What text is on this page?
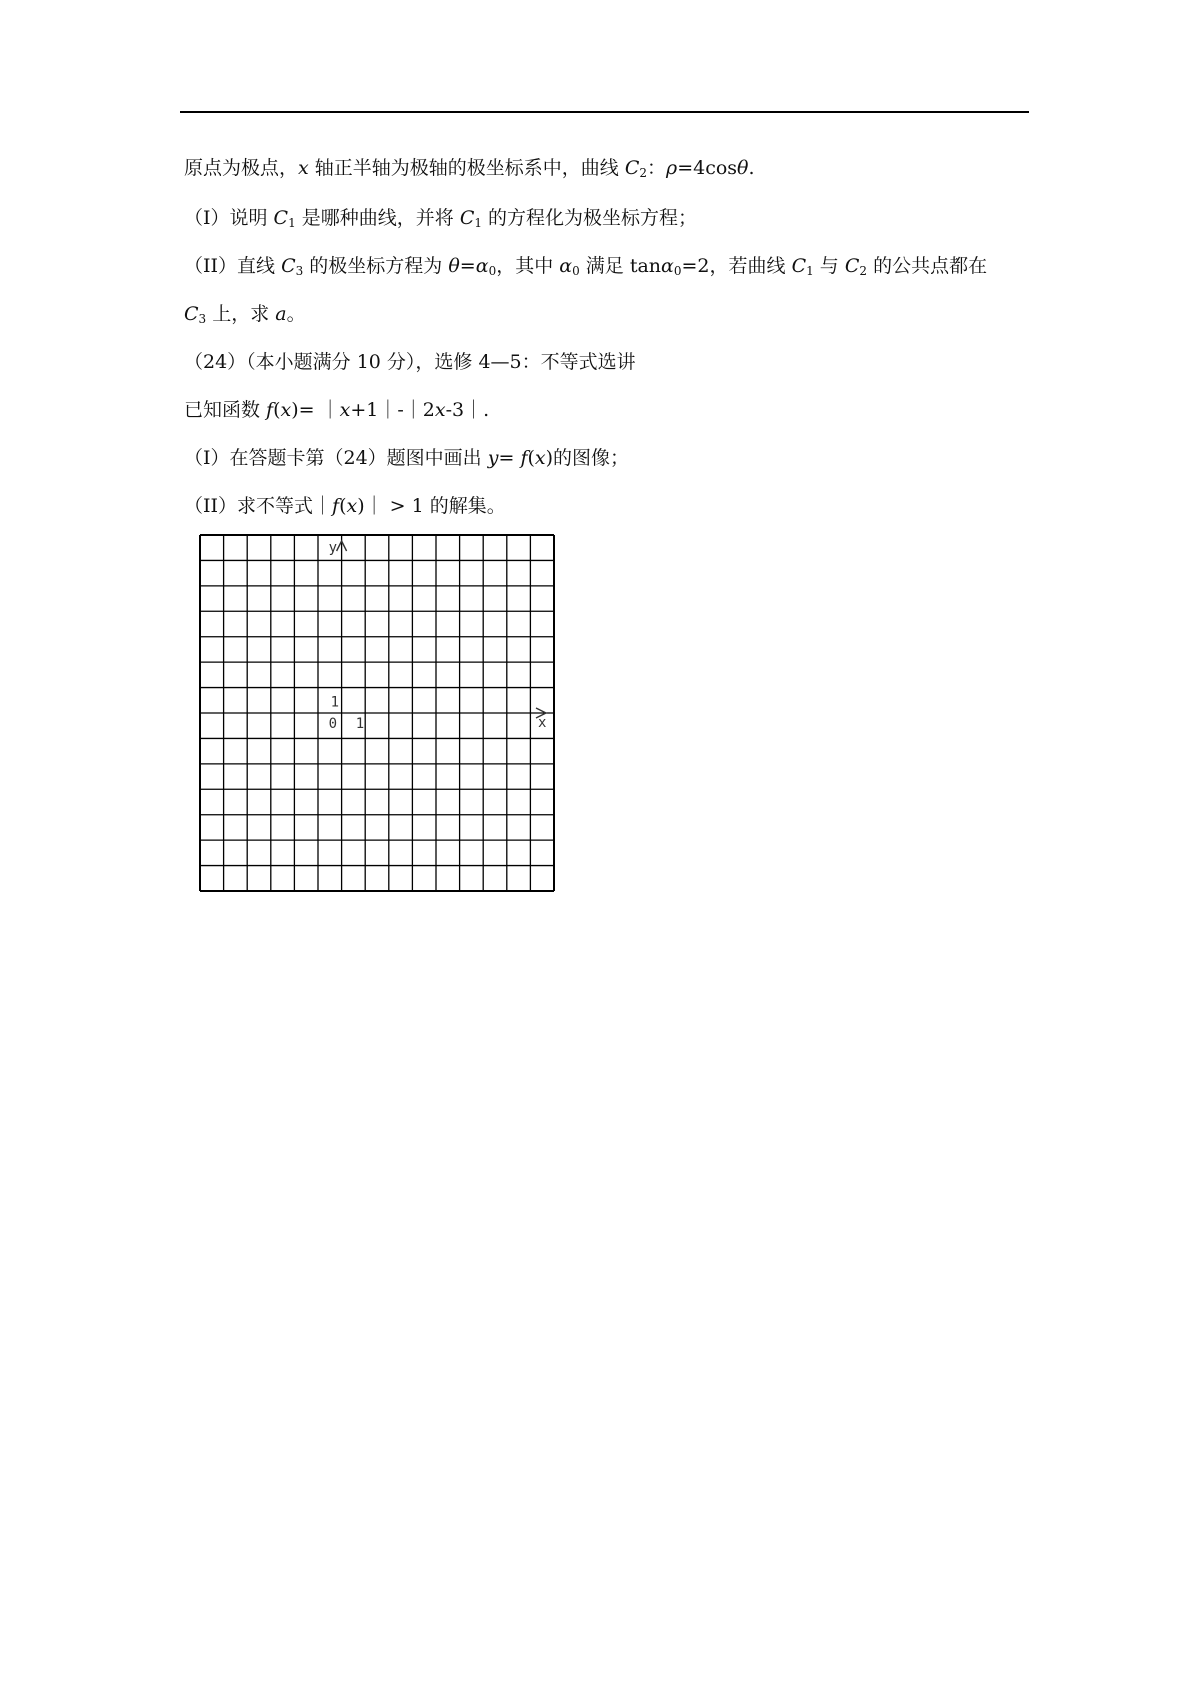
原点为极点，x 轴正半轴为极轴的极坐标系中，曲线 $C_2$：ρ=4cosθ.
（I）说明 $C_1$ 是哪种曲线，并将 $C_1$ 的方程化为极坐标方程；
（II）直线 $C_3$ 的极坐标方程为 $\theta=\alpha_0$，其中 $\alpha_0$ 满足 tanα$_0$=2，若曲线 $C_1$ 与 $C_2$ 的公共点都在
$C_3$ 上，求 a。
（24）（本小题满分 10 分），选修 4—5：不等式选讲
已知函数 f(x)= ｜x+1｜-｜2x-3｜.
（I）在答题卡第（24）题图中画出 y= f(x)的图像；
（II）求不等式｜f(x)｜ > 1 的解集。
y
x
0 1
1
